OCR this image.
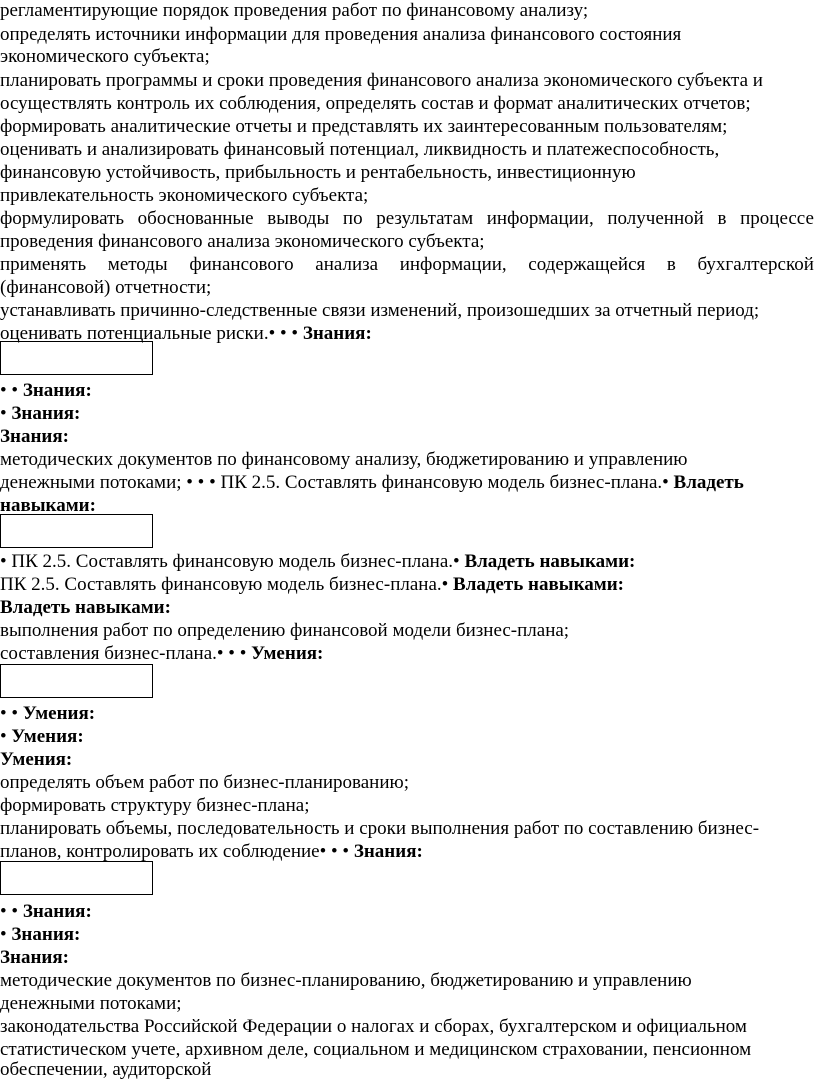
регламентирующие порядок проведения работ по финансовому анализу;
определять источники информации для проведения анализа финансового состояния
экономического субъекта;
планировать программы и сроки проведения финансового анализа экономического субъекта и
осуществлять контроль их соблюдения, определять состав и формат аналитических отчетов;
формировать аналитические отчеты и представлять их заинтересованным пользователям;
оценивать и анализировать финансовый потенциал, ликвидность и платежеспособность,
финансовую устойчивость, прибыльность и рентабельность, инвестиционную
привлекательность экономического субъекта;
формулировать обоснованные выводы по результатам информации, полученной в процессе
проведения финансового анализа экономического субъекта;
применять методы финансового анализа информации, содержащейся в бухгалтерской
(финансовой) отчетности;
устанавливать причинно-следственные связи изменений, произошедших за отчетный период;
оценивать потенциальные риски.• • • Знания:
• • Знания:
• Знания:
Знания:
методических документов по финансовому анализу, бюджетированию и управлению
денежными потоками; • • • ПК 2.5. Составлять финансовую модель бизнес-плана.• Владеть
навыками:
• ПК 2.5. Составлять финансовую модель бизнес-плана.• Владеть навыками:
ПК 2.5. Составлять финансовую модель бизнес-плана.• Владеть навыками:
Владеть навыками:
выполнения работ по определению финансовой модели бизнес-плана;
составления бизнес-плана.• • • Умения:
• • Умения:
• Умения:
Умения:
определять объем работ по бизнес-планированию;
формировать структуру бизнес-плана;
планировать объемы, последовательность и сроки выполнения работ по составлению бизнес-
планов, контролировать их соблюдение• • • Знания:
• • Знания:
• Знания:
Знания:
методические документов по бизнес-планированию, бюджетированию и управлению
денежными потоками;
законодательства Российской Федерации о налогах и сборах, бухгалтерском и официальном
статистическом учете, архивном деле, социальном и медицинском страховании, пенсионном
обеспечении, аудиторской
